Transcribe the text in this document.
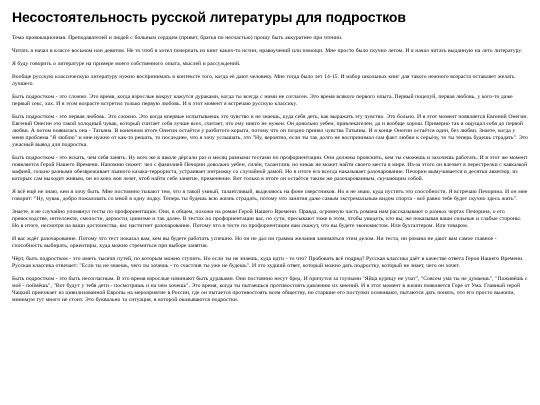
Несостоятельность русской литературы для подростков

Тема провокационная. Преподавателей и людей с больным сердцем (привет, братья по несчастью) прошу быть аккуратнее при чтении.

Читать я начал в классе восьмом или девятом. Не то чтоб я хотел почерпать из книг каких-то истин, нравоучений или помощи. Мне просто было скучно летом. И я начал читать выданную на лето литературу.

Я буду говорить о литературе на примере моего собственного опыта, мыслей и рассуждений.

Вообще русскую классическую литературу нужно воспринимать в контексте того, когда её дают человеку. Мне тогда было лет 14-15. И набор школьных книг для такого нежного возраста оставляет желать лучшего.

Быть подростком - это сложно. Это время, когда взрослые вокруг кажутся дураками, когда ты всегда с ними не согласен. Это время всякого первого опыта. Первый поцелуй, первая любовь, у кого-то даже первый секс, хах. И в этом возрасте встретил только первую любовь. И в этот момент я встречаю русскую классику.

Быть подростком - это первая любовь. Это сложно. Это когда впервые испытываешь это чувство и не знаешь, куда себя деть, как выражать эту чувство. Это больно. И в этот момент появляется Евгений Онегин. Евгений Онегин это такой холодный чувак, который считает себя лучше всех, считает, что ему никто не нужен. Он довольно уебен, привлекателен, да и вообще хорош. Примерно так я ощущал себя до первой любви. А потом появилась она - Татьяна. В конечном итоге Онегин остаётся у разбитого корыта, потому что он поздно принял чувства Татьяны. И я конце Онегин остаётся один, без любви. Знаете, когда у меня проблема "Я люблю" и мне нужно от как-то решать, то последнее, что я хочу услышать, это "Ну, вероятно, если ты так долго не воспринимал сам факт любви к серьёзу, то ты теперь будешь страдать". Это ужасный вывод для подростка.

Быть подростком - это искать, чем себя занять. Ну всех же в школе дёргали раз и месяц разными тестами по профориентации. Они должны прояснить, кем ты сможешь и захочешь работать. И в этот же момент появляется Герой Нашего Времени. Напомню сюжет: чел с фамилией Печорин довольно уебен, силён, талантлив, но никак не может найти своего места в мире. Из-за этого он влезает в перестрелки с кавказкой мафией, гольно разными обезвреживает пьяного казака-террориста, устраивает интрижку со случайной дамой. Но в итоге его всегда наказывает разочарование. Печорин вымучивается в десятки авантюр, из которых сам выходит живым, он из коих вон лезет, чтоб найти себе занятие, применение. Вот только в итоге он остаётся таким же разочарованным, скучающим собой.

Я всё ещё не знаю, кем я хочу быть. Мне постоянно тыкают тем, что я такой умный, талантливый, выделяюсь на фоне сверстников. Но я не знаю, куда пустить это способности. Я встречаю Печорина. И он мне говорит: "Ну, чувак, добро пожаловать со мной в одну лодку. Теперь ты будешь всю жизнь страдать, потому что занятия даже самым экстремальным видом спорта - всё равно тебе будет скучно здесь жить".

Знаете, я не случайно упомянул тесты по профориентации. Они, в общем, похожи на роман Герой Нашего Времени. Правда, огромную часть романа нам рассказывают о разных чертах Печорина, о его превосходстве, интеллекте, смелости, дерзости, цинизме и так далее. В тестах по профориентации вас, по сути, пресыкают тоже в этом, чтобы увидеть, кто вы, же показывая ваши сильные и слабые стороны. Но в итоге, несмотря на ваши достоинства, вас настигнет разочарование. Потому что в тесте по профориентации вам скажут, что вы будете экономистом. Или бухгалтером. Или товаром.

И вас ждёт разочарование. Потому что тест показал вам, кем вы будете работать успешно. Но он не дал ни грамма желания заниматься этим делом. Ни теста, ни романа не дают вам самое главное - способность выбирать, ориентиры, куда можно стремиться при выборе занятия.

Чёрт, быть подростком - это иметь тысячи путей, по которым можно ступить. Но если ты не знаешь, куда идти - то что? Пробовать всё подряд? Русская классика даёт в качестве ответа Героя Нашего Времени. Русская классика отвечает: "Если ты не знаешь, чего ты хочешь - то счастлив ты уже не будешь". И это худший ответ, который можно дать подростку, который не знает, чего он хочет.

Быть подростком - это быть несогласным. В это время взрослые начинают быть дураками. Они постоянно несут бред. И причутся за глупыми "Яйца курицу не учат", "Совсем ума ты не думаешь", "Поживёшь с моё - поймёшь", "Вот будут у тебя дети - посмотришь и на чем хочешь". Это время, когда ты пытаешься противостоять давлению их мнений. И в этот момент в жизни появляется Горе от Ума. Главный герой Чацкий приезжает из цивилизованной Европы на мероприятие в России, где он пытается противостоять всем обществу, но старшие его поступки осмеивают, пытаются дать понять, что его просто выжили, минимум тут много не стоит. Это буквально та ситуация, в которой оказываются подростки.
